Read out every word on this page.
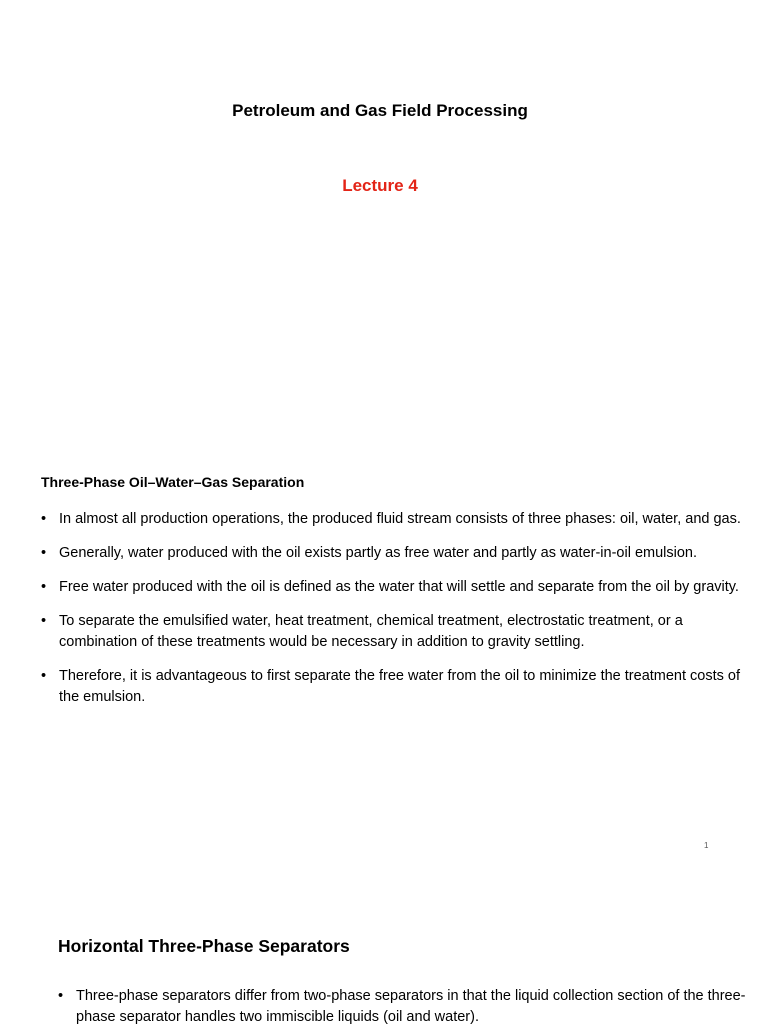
Petroleum and Gas Field Processing
Lecture 4
Three-Phase Oil–Water–Gas Separation
• In almost all production operations, the produced fluid stream consists of three phases: oil, water, and gas.
• Generally, water produced with the oil exists partly as free water and partly as water-in-oil emulsion.
• Free water produced with the oil is defined as the water that will settle and separate from the oil by gravity.
• To separate the emulsified water, heat treatment, chemical treatment, electrostatic treatment, or a combination of these treatments would be necessary in addition to gravity settling.
• Therefore, it is advantageous to first separate the free water from the oil to minimize the treatment costs of the emulsion.
1
Horizontal Three-Phase Separators
• Three-phase separators differ from two-phase separators in that the liquid collection section of the three-phase separator handles two immiscible liquids (oil and water).
